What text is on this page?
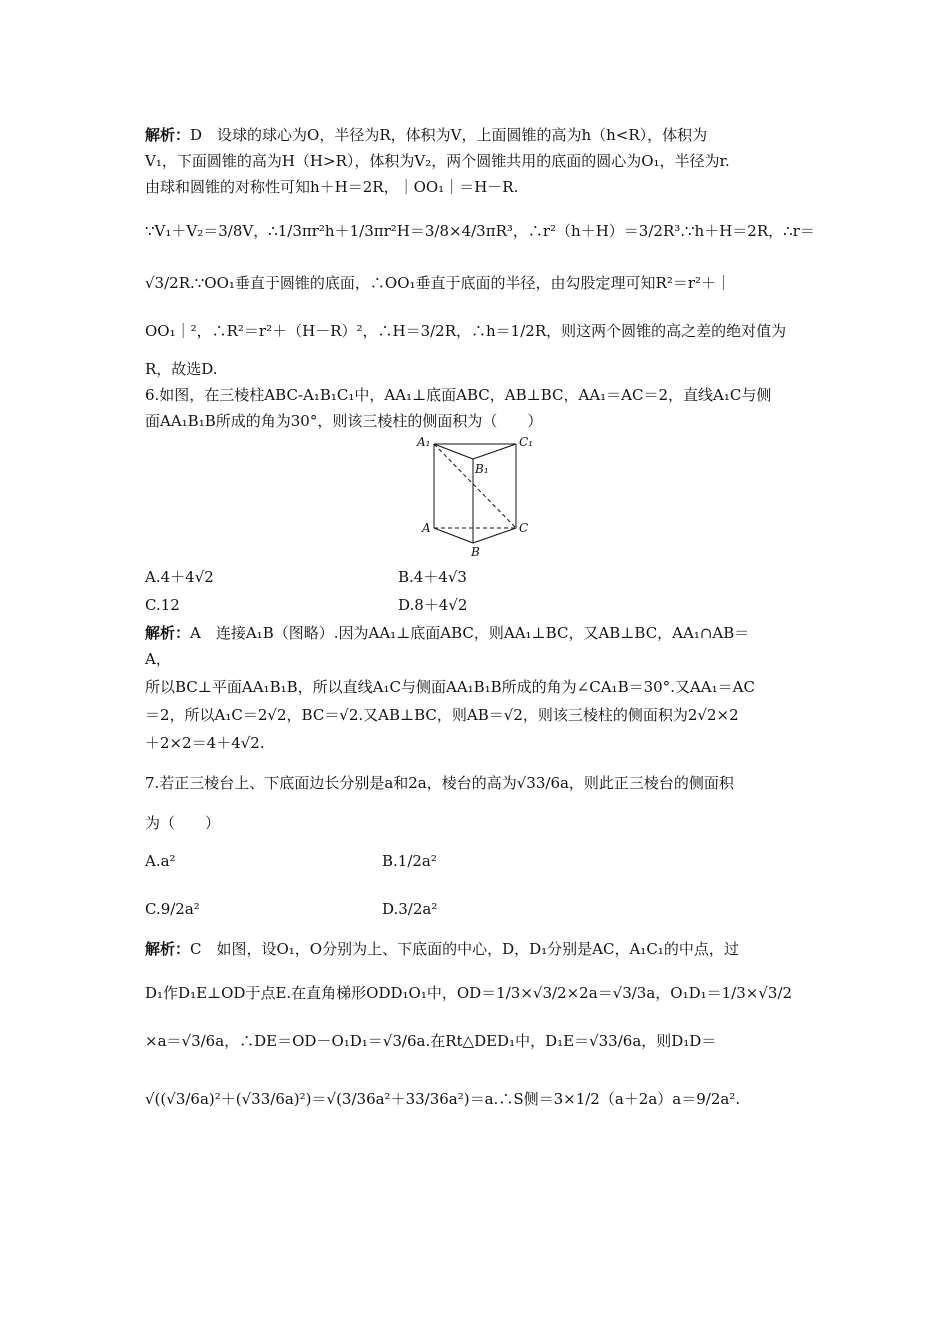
解析：D　设球的球心为O，半径为R，体积为V，上面圆锥的高为h（h<R），体积为
V₁，下面圆锥的高为H（H>R），体积为V₂，两个圆锥共用的底面的圆心为O₁，半径为r.
由球和圆锥的对称性可知h＋H＝2R，｜OO₁｜＝H－R.
∵V₁＋V₂＝3/8V，∴1/3πr²h＋1/3πr²H＝3/8×4/3πR³，∴r²（h＋H）＝3/2R³.∵h＋H＝2R，∴r＝
√3/2R.∵OO₁垂直于圆锥的底面，∴OO₁垂直于底面的半径，由勾股定理可知R²＝r²＋｜
OO₁｜²，∴R²＝r²＋（H－R）²，∴H＝3/2R，∴h＝1/2R，则这两个圆锥的高之差的绝对值为
R，故选D.
6.如图，在三棱柱ABC-A₁B₁C₁中，AA₁⊥底面ABC，AB⊥BC，AA₁＝AC＝2，直线A₁C与侧
面AA₁B₁B所成的角为30°，则该三棱柱的侧面积为（　　）
A₁
B₁
C₁
A
B
C
A.4＋4√2	B.4＋4√3
C.12	D.8＋4√2
解析：A　连接A₁B（图略）.因为AA₁⊥底面ABC，则AA₁⊥BC，又AB⊥BC，AA₁∩AB＝
A，
所以BC⊥平面AA₁B₁B，所以直线A₁C与侧面AA₁B₁B所成的角为∠CA₁B＝30°.又AA₁＝AC
＝2，所以A₁C＝2√2，BC＝√2.又AB⊥BC，则AB＝√2，则该三棱柱的侧面积为2√2×2
＋2×2＝4＋4√2.
7.若正三棱台上、下底面边长分别是a和2a，棱台的高为√33/6a，则此正三棱台的侧面积
为（　　）
A.a²	B.1/2a²
C.9/2a²	D.3/2a²
解析：C　如图，设O₁，O分别为上、下底面的中心，D，D₁分别是AC，A₁C₁的中点，过
D₁作D₁E⊥OD于点E.在直角梯形ODD₁O₁中，OD＝1/3×√3/2×2a＝√3/3a，O₁D₁＝1/3×√3/2
×a＝√3/6a，∴DE＝OD－O₁D₁＝√3/6a.在Rt△DED₁中，D₁E＝√33/6a，则D₁D＝
√((√3/6a)²＋(√33/6a)²)＝√(3/36a²＋33/36a²)＝a.∴S侧＝3×1/2（a＋2a）a＝9/2a².
